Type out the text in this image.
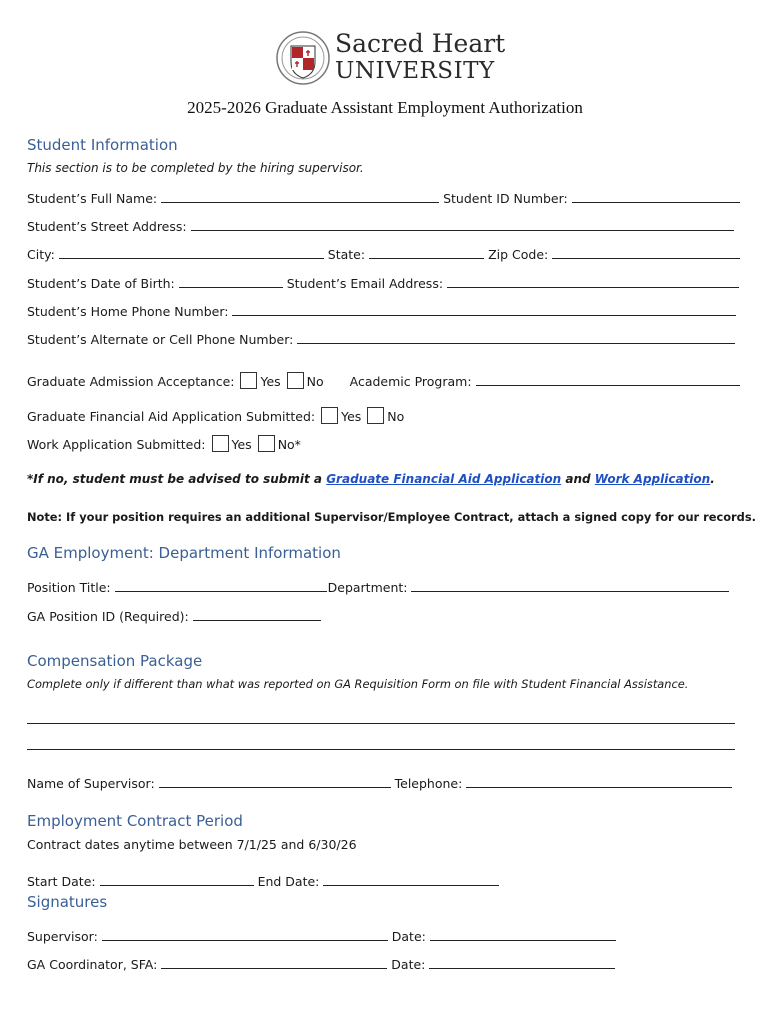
Sacred Heart
UNIVERSITY
2025-2026 Graduate Assistant Employment Authorization
Student Information
This section is to be completed by the hiring supervisor.
Student’s Full Name:	Student ID Number:
Student’s Street Address:
City:	State:	Zip Code:
Student’s Date of Birth:	Student’s Email Address:
Student’s Home Phone Number:
Student’s Alternate or Cell Phone Number:
Graduate Admission Acceptance: Yes No Academic Program:
Graduate Financial Aid Application Submitted: Yes No
Work Application Submitted: Yes No*
*If no, student must be advised to submit a Graduate Financial Aid Application and Work Application.
Note: If your position requires an additional Supervisor/Employee Contract, attach a signed copy for our records.
GA Employment: Department Information
Position Title:	Department:
GA Position ID (Required):
Compensation Package
Complete only if different than what was reported on GA Requisition Form on file with Student Financial Assistance.
Name of Supervisor:	Telephone:
Employment Contract Period
Contract dates anytime between 7/1/25 and 6/30/26
Start Date:	End Date:
Signatures
Supervisor:	Date:
GA Coordinator, SFA:	Date:
